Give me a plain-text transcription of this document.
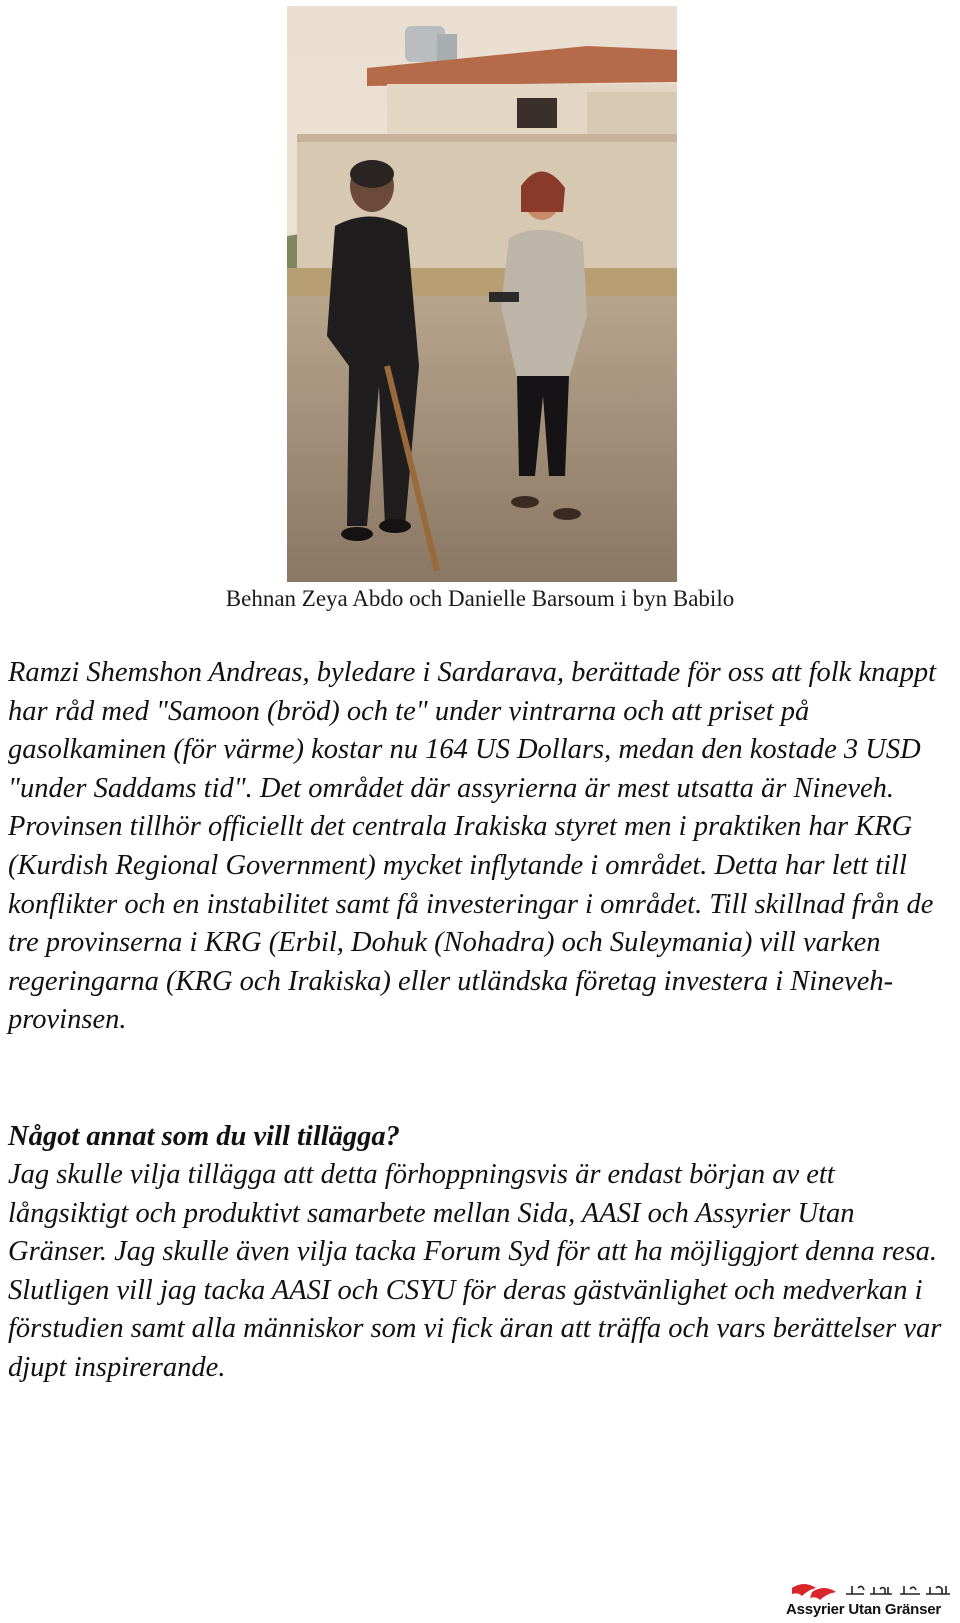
Behnan Zeya Abdo och Danielle Barsoum i byn Babilo

Ramzi Shemshon Andreas, byledare i Sardarava, berättade för oss att folk knappt har råd med "Samoon (bröd) och te" under vintrarna och att priset på gasolkaminen (för värme) kostar nu 164 US Dollars, medan den kostade 3 USD "under Saddams tid". Det området där assyrierna är mest utsatta är Nineveh. Provinsen tillhör officiellt det centrala Irakiska styret men i praktiken har KRG (Kurdish Regional Government) mycket inflytande i området. Detta har lett till konflikter och en instabilitet samt få investeringar i området. Till skillnad från de tre provinserna i KRG (Erbil, Dohuk (Nohadra) och Suleymania) vill varken regeringarna (KRG och Irakiska) eller utländska företag investera i Nineveh-provinsen.

Något annat som du vill tillägga?

Jag skulle vilja tillägga att detta förhoppningsvis är endast början av ett långsiktigt och produktivt samarbete mellan Sida, AASI och Assyrier Utan Gränser. Jag skulle även vilja tacka Forum Syd för att ha möjliggjort denna resa. Slutligen vill jag tacka AASI och CSYU för deras gästvänlighet och medverkan i förstudien samt alla människor som vi fick äran att träffa och vars berättelser var djupt inspirerande.

Assyrier Utan Gränser
